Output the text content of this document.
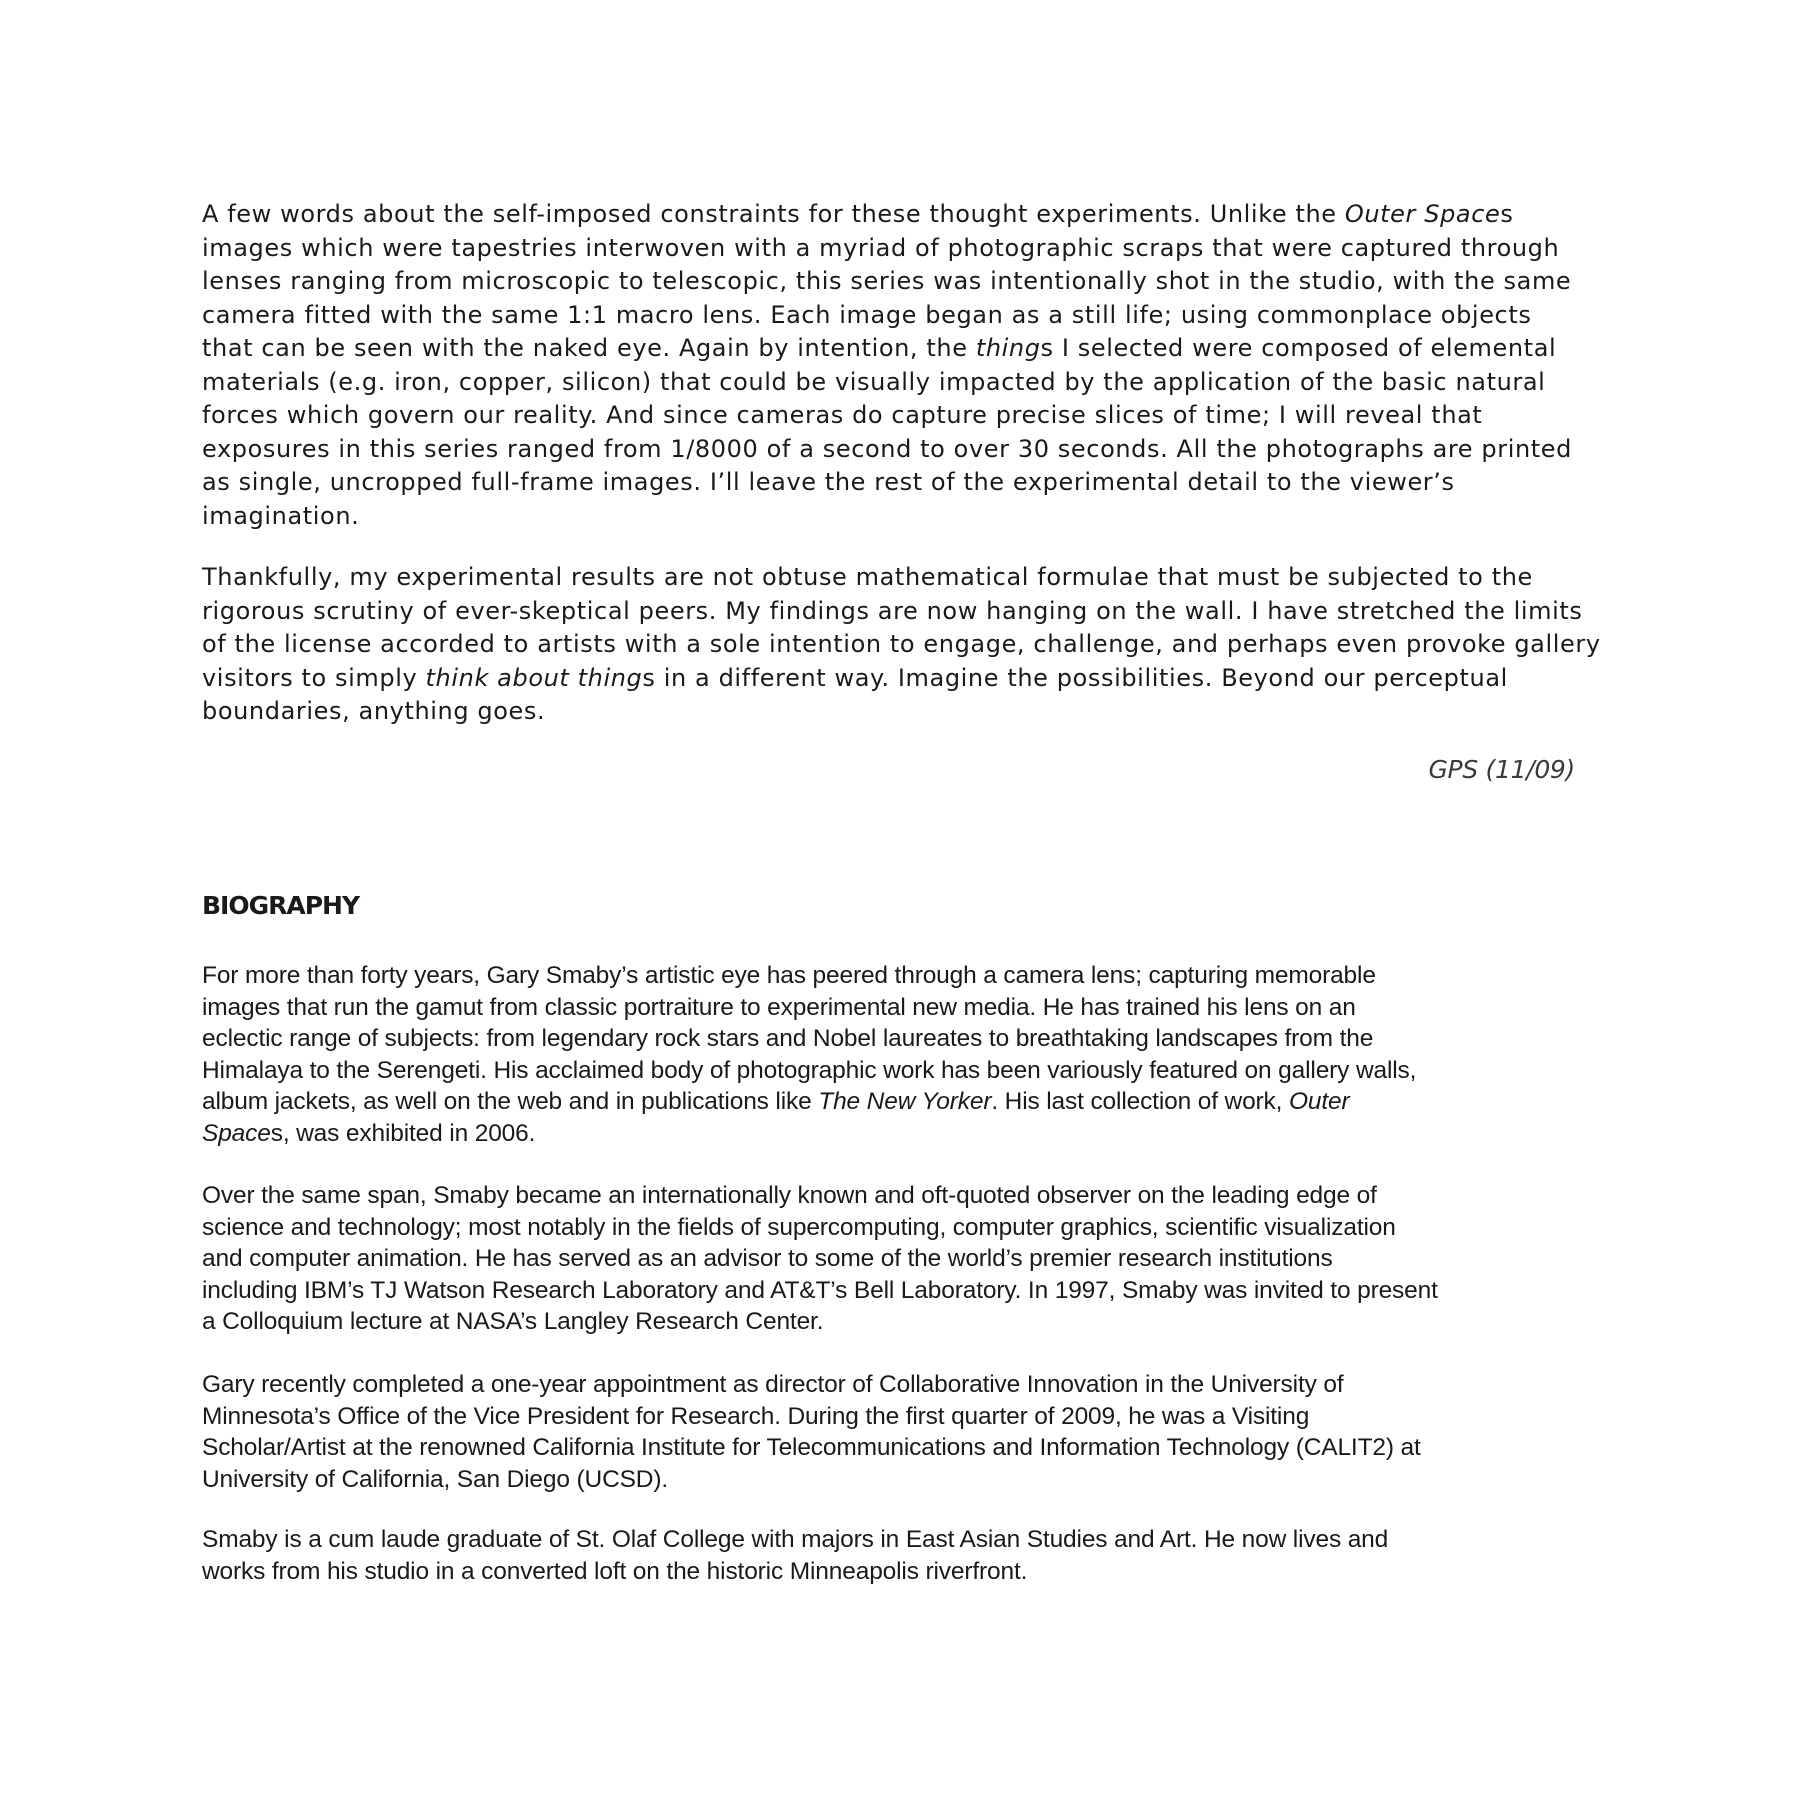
A few words about the self-imposed constraints for these thought experiments. Unlike the Outer Spaces
images which were tapestries interwoven with a myriad of photographic scraps that were captured through
lenses ranging from microscopic to telescopic, this series was intentionally shot in the studio, with the same
camera fitted with the same 1:1 macro lens. Each image began as a still life; using commonplace objects
that can be seen with the naked eye. Again by intention, the things I selected were composed of elemental
materials (e.g. iron, copper, silicon) that could be visually impacted by the application of the basic natural
forces which govern our reality. And since cameras do capture precise slices of time; I will reveal that
exposures in this series ranged from 1/8000 of a second to over 30 seconds. All the photographs are printed
as single, uncropped full-frame images. I’ll leave the rest of the experimental detail to the viewer’s
imagination.

Thankfully, my experimental results are not obtuse mathematical formulae that must be subjected to the
rigorous scrutiny of ever-skeptical peers. My findings are now hanging on the wall. I have stretched the limits
of the license accorded to artists with a sole intention to engage, challenge, and perhaps even provoke gallery
visitors to simply think about things in a different way. Imagine the possibilities. Beyond our perceptual
boundaries, anything goes.

GPS (11/09)
BIOGRAPHY

For more than forty years, Gary Smaby’s artistic eye has peered through a camera lens; capturing memorable
images that run the gamut from classic portraiture to experimental new media. He has trained his lens on an
eclectic range of subjects: from legendary rock stars and Nobel laureates to breathtaking landscapes from the
Himalaya to the Serengeti. His acclaimed body of photographic work has been variously featured on gallery walls,
album jackets, as well on the web and in publications like The New Yorker. His last collection of work, Outer
Spaces, was exhibited in 2006.

Over the same span, Smaby became an internationally known and oft-quoted observer on the leading edge of
science and technology; most notably in the fields of supercomputing, computer graphics, scientific visualization
and computer animation. He has served as an advisor to some of the world’s premier research institutions
including IBM’s TJ Watson Research Laboratory and AT&T’s Bell Laboratory. In 1997, Smaby was invited to present
a Colloquium lecture at NASA’s Langley Research Center.

Gary recently completed a one-year appointment as director of Collaborative Innovation in the University of
Minnesota’s Office of the Vice President for Research. During the first quarter of 2009, he was a Visiting
Scholar/Artist at the renowned California Institute for Telecommunications and Information Technology (CALIT2) at
University of California, San Diego (UCSD).

Smaby is a cum laude graduate of St. Olaf College with majors in East Asian Studies and Art. He now lives and
works from his studio in a converted loft on the historic Minneapolis riverfront.
